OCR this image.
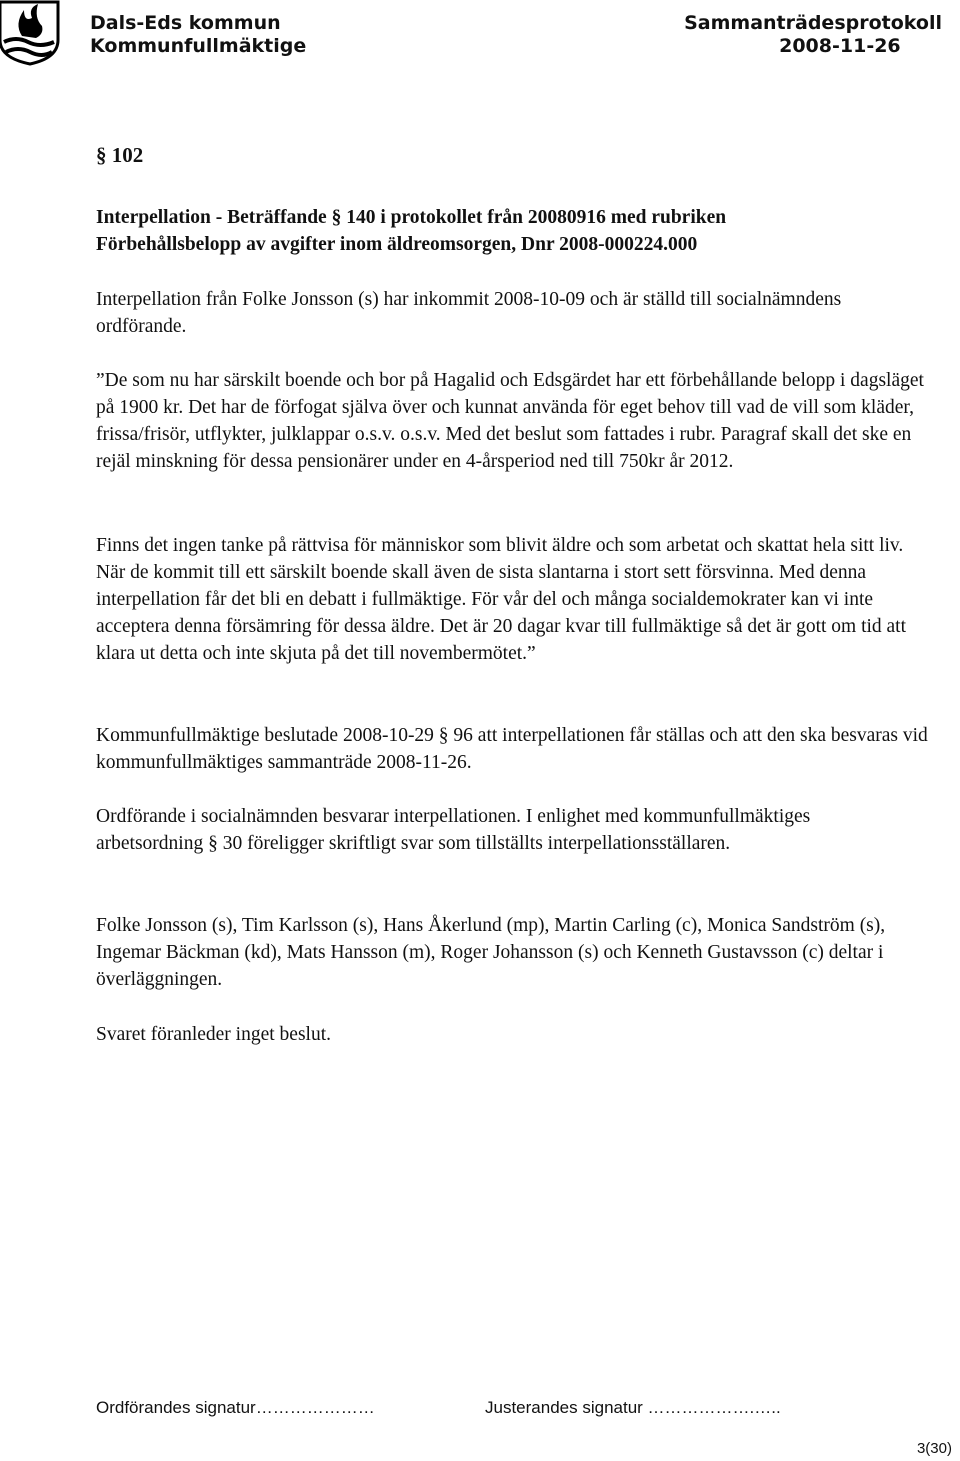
Dals-Eds kommun
Kommunfullmäktige
Sammanträdesprotokoll
2008-11-26
§ 102

Interpellation - Beträffande § 140 i protokollet från 20080916 med rubriken

Förbehållsbelopp av avgifter inom äldreomsorgen, Dnr 2008-000224.000

Interpellation från Folke Jonsson (s) har inkommit 2008-10-09 och är ställd till socialnämndens ordförande.

”De som nu har särskilt boende och bor på Hagalid och Edsgärdet har ett förbehållande belopp i dagsläget på 1900 kr. Det har de förfogat själva över och kunnat använda för eget behov till vad de vill som kläder, frissa/frisör, utflykter, julklappar o.s.v. o.s.v. Med det beslut som fattades i rubr. Paragraf skall det ske en rejäl minskning för dessa pensionärer under en 4-årsperiod ned till 750kr år 2012.

Finns det ingen tanke på rättvisa för människor som blivit äldre och som arbetat och skattat hela sitt liv. När de kommit till ett särskilt boende skall även de sista slantarna i stort sett försvinna. Med denna interpellation får det bli en debatt i fullmäktige. För vår del och många socialdemokrater kan vi inte acceptera denna försämring för dessa äldre. Det är 20 dagar kvar till fullmäktige så det är gott om tid att klara ut detta och inte skjuta på det till novembermötet.”

Kommunfullmäktige beslutade 2008-10-29 § 96 att interpellationen får ställas och att den ska besvaras vid kommunfullmäktiges sammanträde 2008-11-26.

Ordförande i socialnämnden besvarar interpellationen. I enlighet med kommunfullmäktiges arbetsordning § 30 föreligger skriftligt svar som tillställts interpellationsställaren.

Folke Jonsson (s), Tim Karlsson (s), Hans Åkerlund (mp), Martin Carling (c), Monica Sandström (s), Ingemar Bäckman (kd), Mats Hansson (m), Roger Johansson (s) och Kenneth Gustavsson (c) deltar i överläggningen.

Svaret föranleder inget beslut.

Ordförandes signatur…………………	Justerandes signatur ……………….…..
3(30)
